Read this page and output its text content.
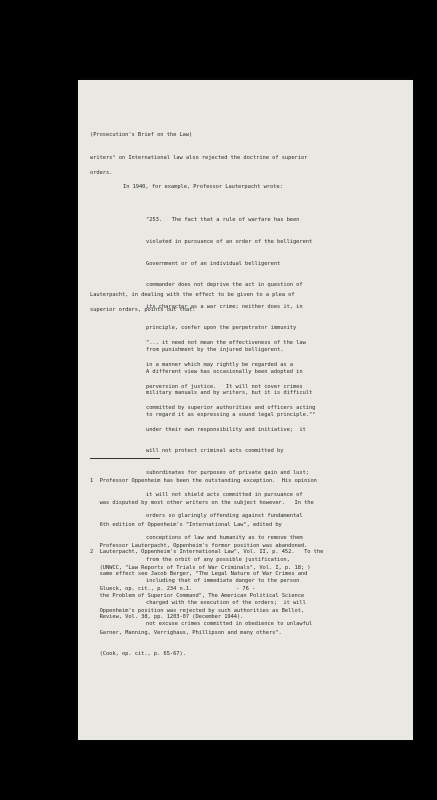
(Prosecution's Brief on the Law)
writers¹ on International law also rejected the doctrine of superior
orders.
In 1940, for example, Professor Lauterpacht wrote:

"253.   The fact that a rule of warfare has been

violated in pursuance of an order of the belligerent

Government or of an individual belligerent

commander does not deprive the act in question of

its character as a war crime; neither does it, in

principle, confer upon the perpetrator immunity

from punishment by the injured belligerent.

A different view has occasionally been adopted in

military manuals and by writers, but it is difficult

to regard it as expressing a sound legal principle."²

Lauterpacht, in dealing with the effect to be given to a plea of
superior orders, points out that:

"... it need not mean the effectiveness of the law

in a manner which may rightly be regarded as a

perversion of justice.   It will not cover crimes

committed by superior authorities and officers acting

under their own responsibility and initiative;  it

will not protect criminal acts committed by

subordinates for purposes of private gain and lust;

it will not shield acts committed in pursuance of

orders so glaringly offending against fundamental

conceptions of law and humanity as to remove them

from the orbit of any possible justification,

including that of immediate danger to the person

charged with the execution of the orders;  it will

not excuse crimes committed in obedience to unlawful

1  Professor Oppenheim has been the outstanding exception.  His opinion

was disputed by most other writers on the subject however.   In the

6th edition of Oppenheim's "International Law", edited by

Professor Lauterpacht, Oppenheim's former position was abandoned.

(UNWCC, "Law Reports of Trials of War Criminals", Vol. I, p. 18; )

Glueck, op. cit., p. 234 n.1.

Oppenheim's position was rejected by such authorities as Bellot,

Garner, Manning, Verrighaus, Phillipson and many others".

(Cook, op. cit., p. 65-67).

2  Lauterpacht, Oppenheim's International Law", Vol. II, p. 452.   To the

same effect see Jacob Berger, "The Legal Nature of War Crimes and

the Problem of Superior Command", The American Political Science

Review, Vol. 38, pp. 1203-07 (December 1944).

- 76 -
